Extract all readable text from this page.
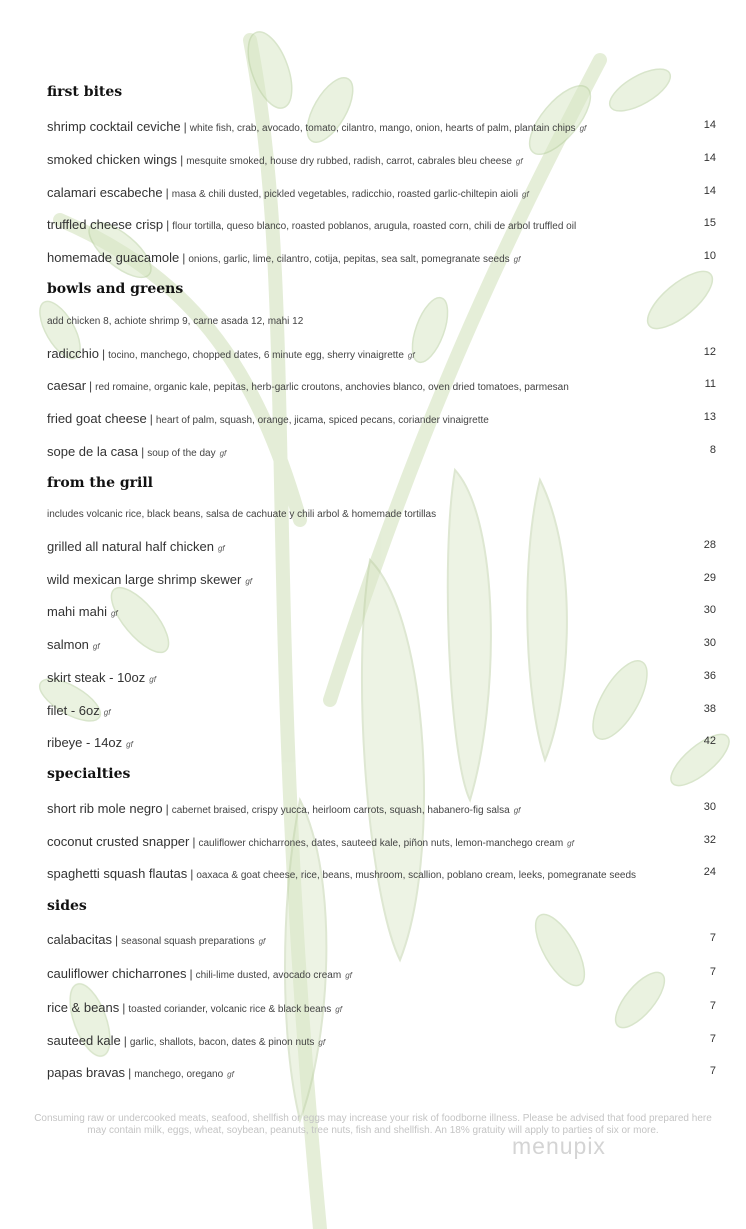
first bites
shrimp cocktail ceviche | white fish, crab, avocado, tomato, cilantro, mango, onion, hearts of palm, plantain chips gf	14
smoked chicken wings | mesquite smoked, house dry rubbed, radish, carrot, cabrales bleu cheese gf	14
calamari escabeche | masa & chili dusted, pickled vegetables, radicchio, roasted garlic-chiltepin aioli gf	14
truffled cheese crisp | flour tortilla, queso blanco, roasted poblanos, arugula, roasted corn, chili de arbol truffled oil	15
homemade guacamole | onions, garlic, lime, cilantro, cotija, pepitas, sea salt, pomegranate seeds gf	10
bowls and greens
add chicken 8, achiote shrimp 9, carne asada 12, mahi 12
radicchio | tocino, manchego, chopped dates, 6 minute egg, sherry vinaigrette gf	12
caesar | red romaine, organic kale, pepitas, herb-garlic croutons, anchovies blanco, oven dried tomatoes, parmesan	11
fried goat cheese | heart of palm, squash, orange, jicama, spiced pecans, coriander vinaigrette	13
sope de la casa | soup of the day gf	8
from the grill
includes volcanic rice, black beans, salsa de cachuate y chili arbol & homemade tortillas
grilled all natural half chicken gf	28
wild mexican large shrimp skewer gf	29
mahi mahi gf	30
salmon gf	30
skirt steak - 10oz gf	36
filet - 6oz gf	38
ribeye - 14oz gf	42
specialties
short rib mole negro | cabernet braised, crispy yucca, heirloom carrots, squash, habanero-fig salsa gf	30
coconut crusted snapper | cauliflower chicharrones, dates, sauteed kale, piñon nuts, lemon-manchego cream gf	32
spaghetti squash flautas | oaxaca & goat cheese, rice, beans, mushroom, scallion, poblano cream, leeks, pomegranate seeds	24
sides
calabacitas | seasonal squash preparations gf	7
cauliflower chicharrones | chili-lime dusted, avocado cream gf	7
rice & beans | toasted coriander, volcanic rice & black beans gf	7
sauteed kale | garlic, shallots, bacon, dates & pinon nuts gf	7
papas bravas | manchego, oregano gf	7
Consuming raw or undercooked meats, seafood, shellfish or eggs may increase your risk of foodborne illness. Please be advised that food prepared here
may contain milk, eggs, wheat, soybean, peanuts, tree nuts, fish and shellfish. An 18% gratuity will apply to parties of six or more.
menupix
